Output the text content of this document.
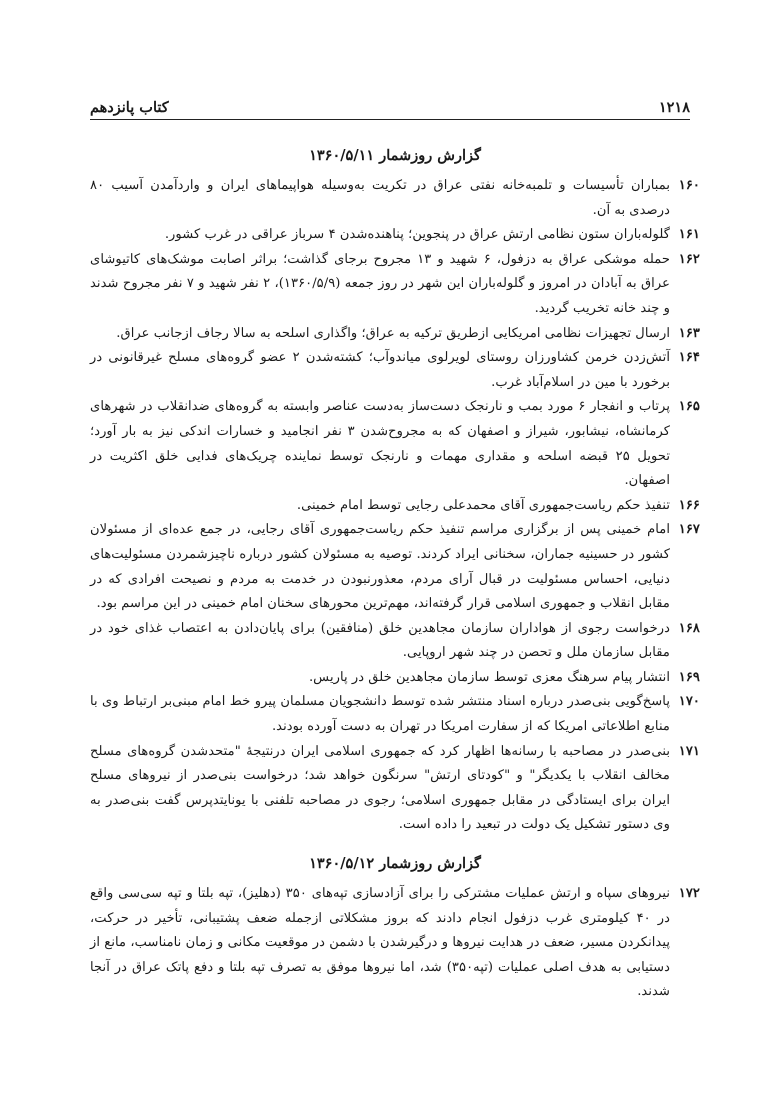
کتاب پانزدهم	۱۲۱۸
گزارش روزشمار ۱۳۶۰/۵/۱۱
۱۶۰
بمباران تأسیسات و تلمبه‌خانه نفتی عراق در تکریت به‌وسیله هواپیماهای ایران و واردآمدن آسیب ۸۰ درصدی به آن.
۱۶۱
گلوله‌باران ستون نظامی ارتش عراق در پنجوین؛ پناهنده‌شدن ۴ سرباز عراقی در غرب کشور.
۱۶۲
حمله موشکی عراق به دزفول، ۶ شهید و ۱۳ مجروح برجای گذاشت؛ براثر اصابت موشک‌های کاتیوشای عراق به آبادان در امروز و گلوله‌باران این شهر در روز جمعه (۱۳۶۰/۵/۹)، ۲ نفر شهید و ۷ نفر مجروح شدند و چند خانه تخریب گردید.
۱۶۳
ارسال تجهیزات نظامی امریکایی ازطریق ترکیه به عراق؛ واگذاری اسلحه به سالا رجاف ازجانب عراق.
۱۶۴
آتش‌زدن خرمن کشاورزان روستای لویرلوی میاندوآب؛ کشته‌شدن ۲ عضو گروه‌های مسلح غیرقانونی در برخورد با مین در اسلام‌آباد غرب.
۱۶۵
پرتاب و انفجار ۶ مورد بمب و نارنجک دست‌ساز به‌دست عناصر وابسته به گروه‌های ضدانقلاب در شهرهای کرمانشاه، نیشابور، شیراز و اصفهان که به مجروح‌شدن ۳ نفر انجامید و خسارات اندکی نیز به بار آورد؛ تحویل ۲۵ قبضه اسلحه و مقداری مهمات و نارنجک توسط نماینده چریک‌های فدایی خلق اکثریت در اصفهان.
۱۶۶
تنفیذ حکم ریاست‌جمهوری آقای محمدعلی رجایی توسط امام خمینی.
۱۶۷
امام خمینی پس از برگزاری مراسم تنفیذ حکم ریاست‌جمهوری آقای رجایی، در جمع عده‌ای از مسئولان کشور در حسینیه جماران، سخنانی ایراد کردند. توصیه به مسئولان کشور درباره ناچیزشمردن مسئولیت‌های دنیایی، احساس مسئولیت در قبال آرای مردم، معذورنبودن در خدمت به مردم و نصیحت افرادی که در مقابل انقلاب و جمهوری اسلامی قرار گرفته‌اند، مهم‌ترین محورهای سخنان امام خمینی در این مراسم بود.
۱۶۸
درخواست رجوی از هواداران سازمان مجاهدین خلق (منافقین) برای پایان‌دادن به اعتصاب غذای خود در مقابل سازمان ملل و تحصن در چند شهر اروپایی.
۱۶۹
انتشار پیام سرهنگ معزی توسط سازمان مجاهدین خلق در پاریس.
۱۷۰
پاسخ‌گویی بنی‌صدر درباره اسناد منتشر شده توسط دانشجویان مسلمان پیرو خط امام مبنی‌بر ارتباط وی با منابع اطلاعاتی امریکا که از سفارت امریکا در تهران به دست آورده بودند.
۱۷۱
بنی‌صدر در مصاحبه با رسانه‌ها اظهار کرد که جمهوری اسلامی ایران درنتیجهٔ "متحدشدن گروه‌های مسلح مخالف انقلاب با یکدیگر" و "کودتای ارتش" سرنگون خواهد شد؛ درخواست بنی‌صدر از نیروهای مسلح ایران برای ایستادگی در مقابل جمهوری اسلامی؛ رجوی در مصاحبه تلفنی با یونایتدپرس گفت بنی‌صدر به وی دستور تشکیل یک دولت در تبعید را داده است.
گزارش روزشمار ۱۳۶۰/۵/۱۲
۱۷۲
نیروهای سپاه و ارتش عملیات مشترکی را برای آزادسازی تپه‌های ۳۵۰ (دهلیز)، تپه بلتا و تپه سی‌سی واقع در ۴۰ کیلومتری غرب دزفول انجام دادند که بروز مشکلاتی ازجمله ضعف پشتیبانی، تأخیر در حرکت، پیدانکردن مسیر، ضعف در هدایت نیروها و درگیرشدن با دشمن در موقعیت مکانی و زمان نامناسب، مانع از دستیابی به هدف اصلی عملیات (تپه۳۵۰) شد، اما نیروها موفق به تصرف تپه بلتا و دفع پاتک عراق در آنجا شدند.
